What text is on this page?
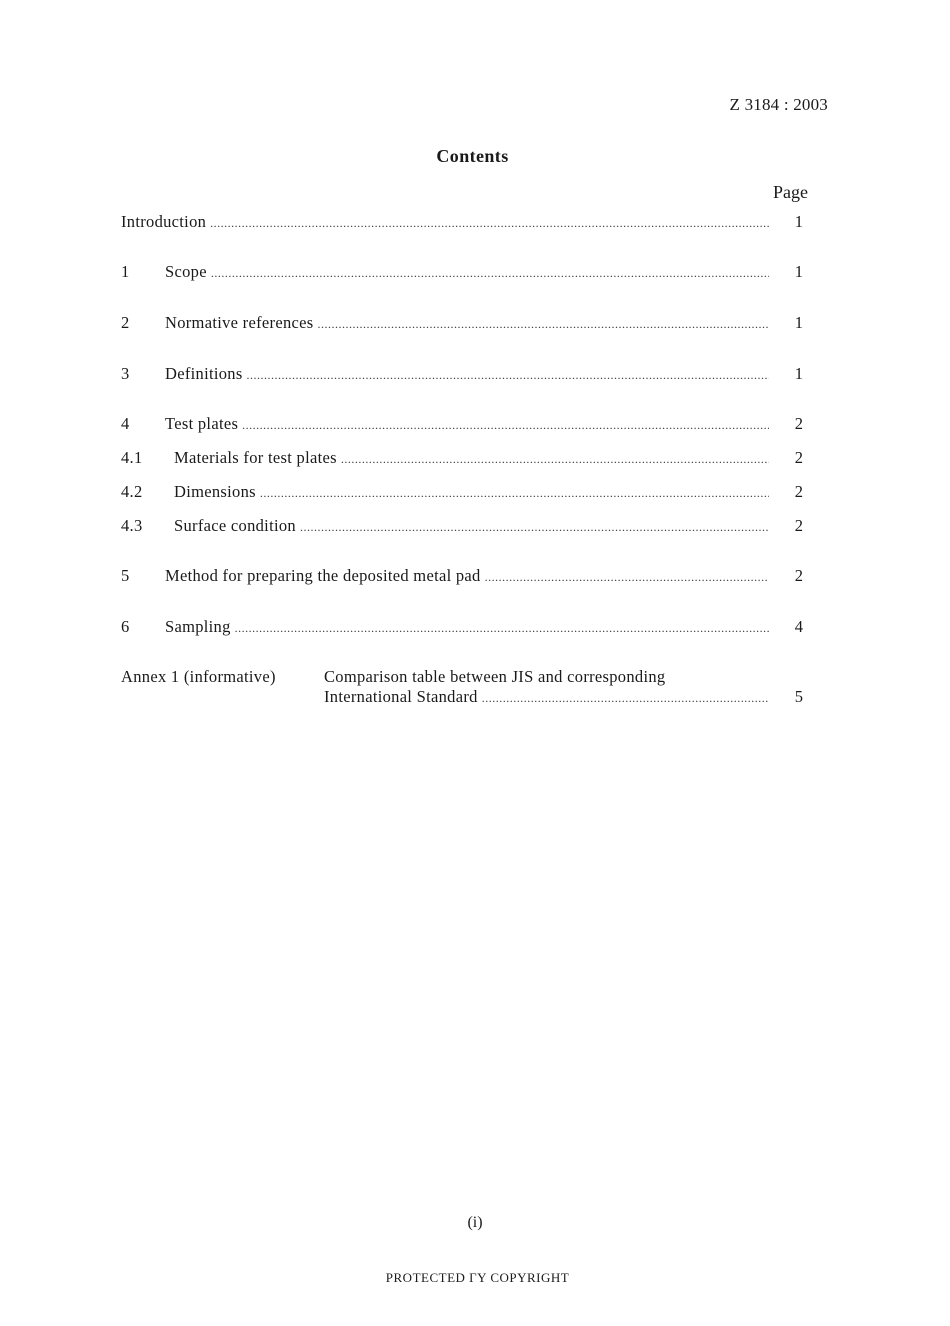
Z 3184 : 2003
Contents
Page
Introduction .....	1
1 Scope .....	1
2 Normative references .....	1
3 Definitions .....	1
4 Test plates .....	2
4.1 Materials for test plates .....	2
4.2 Dimensions .....	2
4.3 Surface condition .....	2
5 Method for preparing the deposited metal pad .....	2
6 Sampling .....	4
Annex 1 (informative)	Comparison table between JIS and corresponding
International Standard .....	5
(i)
PROTECTED ΓY COPYRIGHT
